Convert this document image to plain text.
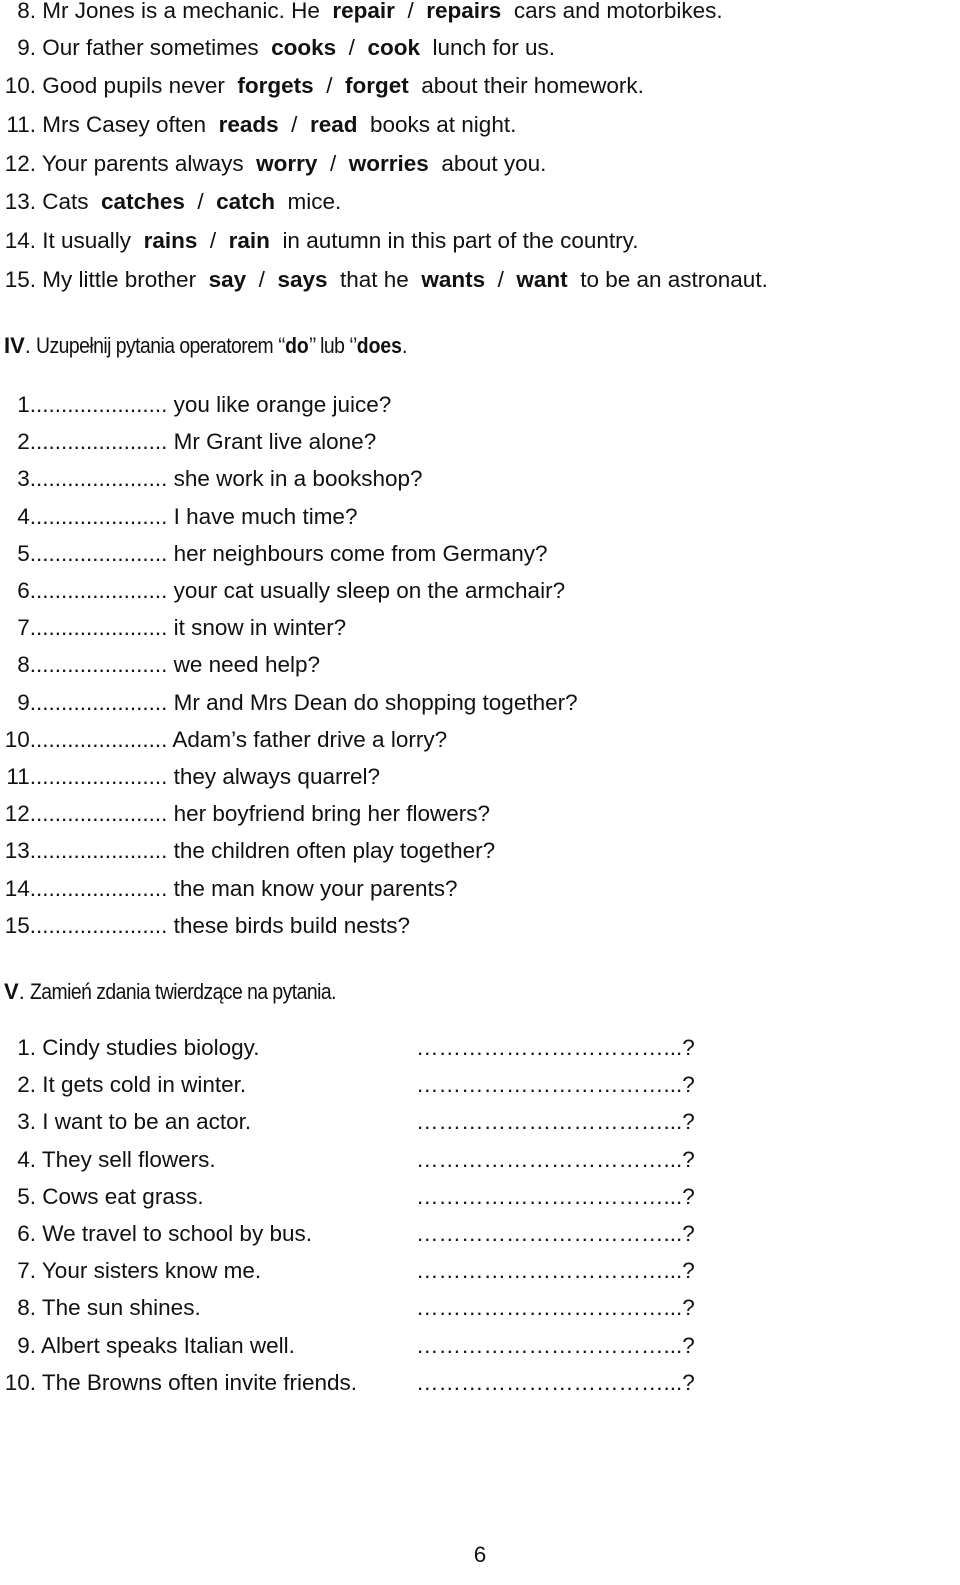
8. Mr Jones is a mechanic. He repair / repairs cars and motorbikes.
9. Our father sometimes cooks / cook lunch for us.
10. Good pupils never forgets / forget about their homework.
11. Mrs Casey often reads / read books at night.
12. Your parents always worry / worries about you.
13. Cats catches / catch mice.
14. It usually rains / rain in autumn in this part of the country.
15. My little brother say / says that he wants / want to be an astronaut.
IV. Uzupełnij pytania operatorem ‘‘do’’ lub ‘’does.
1...................... you like orange juice?
2...................... Mr Grant live alone?
3...................... she work in a bookshop?
4...................... I have much time?
5...................... her neighbours come from Germany?
6...................... your cat usually sleep on the armchair?
7...................... it snow in winter?
8...................... we need help?
9...................... Mr and Mrs Dean do shopping together?
10...................... Adam’s father drive a lorry?
11...................... they always quarrel?
12...................... her boyfriend bring her flowers?
13...................... the children often play together?
14...................... the man know your parents?
15...................... these birds build nests?
V. Zamień zdania twierdzące na pytania.
1. Cindy studies biology.	……………………………...?
2. It gets cold in winter.	……………………………...?
3. I want to be an actor.	……………………………...?
4. They sell flowers.	……………………………...?
5. Cows eat grass.	……………………………...?
6. We travel to school by bus.	……………………………...?
7. Your sisters know me.	……………………………...?
8. The sun shines.	……………………………...?
9. Albert speaks Italian well.	……………………………...?
10. The Browns often invite friends.	……………………………...?
6
